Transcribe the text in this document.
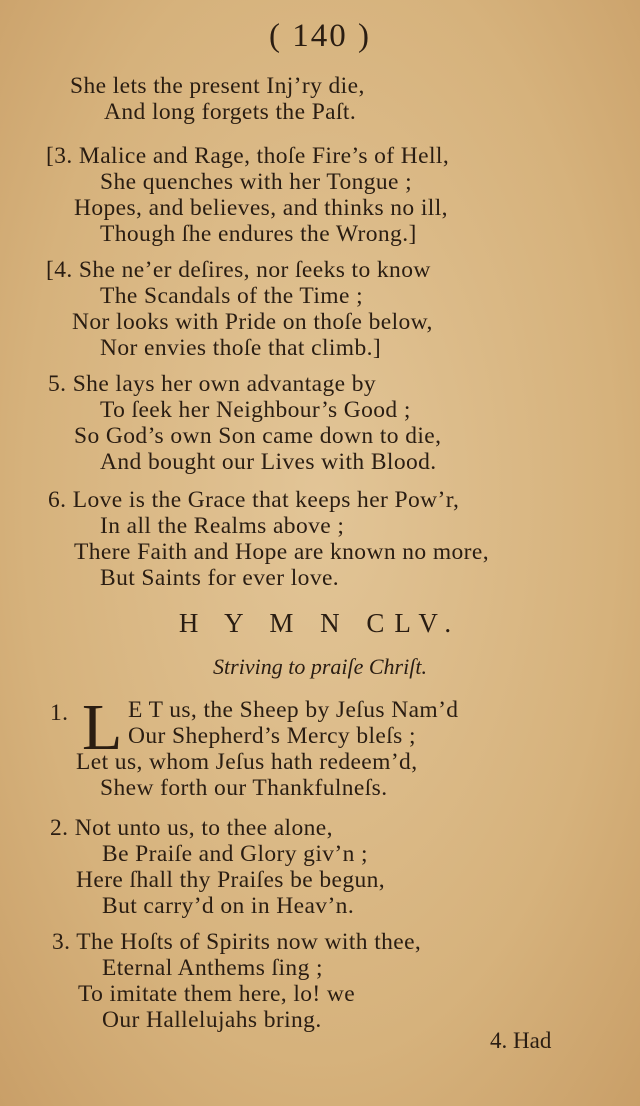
( 140 )
She lets the present Inj’ry die,
And long forgets the Paſt.
[3. Malice and Rage, thoſe Fire’s of Hell,
She quenches with her Tongue ;
Hopes, and believes, and thinks no ill,
Though ſhe endures the Wrong.]
[4. She ne’er deſires, nor ſeeks to know
The Scandals of the Time ;
Nor looks with Pride on thoſe below,
Nor envies thoſe that climb.]
5. She lays her own advantage by
To ſeek her Neighbour’s Good ;
So God’s own Son came down to die,
And bought our Lives with Blood.
6. Love is the Grace that keeps her Pow’r,
In all the Realms above ;
There Faith and Hope are known no more,
But Saints for ever love.
H Y M N CLV.
Striving to praiſe Chriſt.
1. L E T us, the Sheep by Jeſus Nam’d
Our Shepherd’s Mercy bleſs ;
Let us, whom Jeſus hath redeem’d,
Shew forth our Thankfulneſs.
2. Not unto us, to thee alone,
Be Praiſe and Glory giv’n ;
Here ſhall thy Praiſes be begun,
But carry’d on in Heav’n.
3. The Hoſts of Spirits now with thee,
Eternal Anthems ſing ;
To imitate them here, lo! we
Our Hallelujahs bring.
4. Had
